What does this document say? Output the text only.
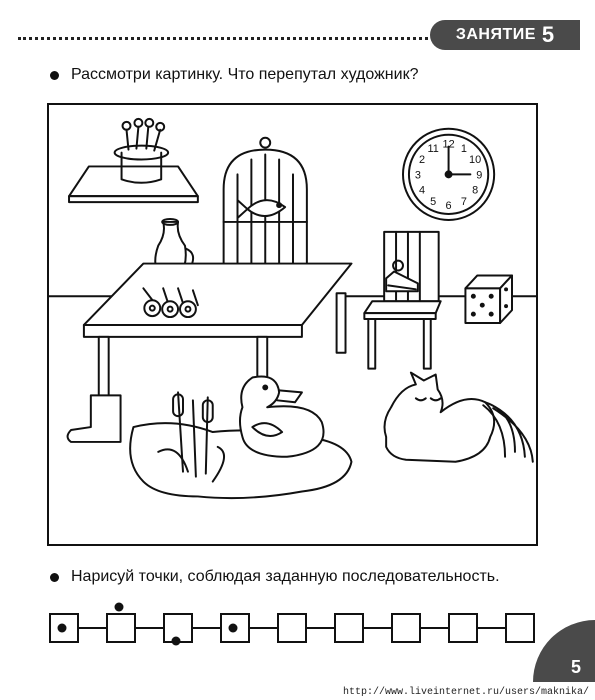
ЗАНЯТИЕ 5
Рассмотри картинку. Что перепутал художник?
12 1
10
9
8
7
6
5
4
3
2
11
Нарисуй точки, соблюдая заданную последовательность.
5
http://www.liveinternet.ru/users/maknika/
